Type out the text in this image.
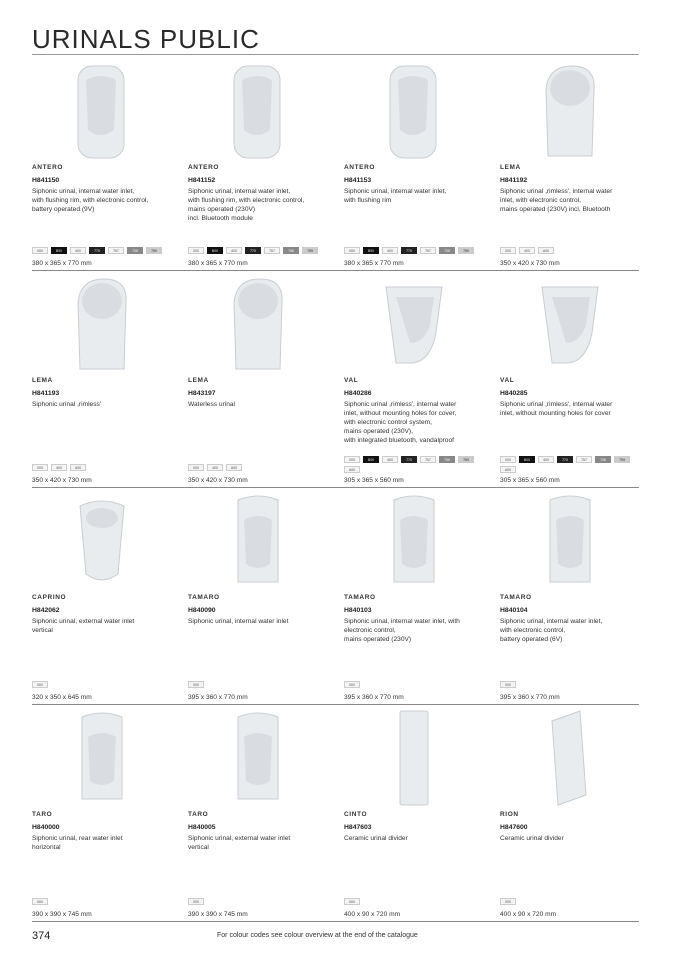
URINALS PUBLIC
ANTERO
H841150
Siphonic urinal, internal water inlet,
with flushing rim, with electronic control,
battery operated (9V)
000	B00	400	770	757	758	759
380 x 365 x 770 mm
ANTERO
H841152
Siphonic urinal, internal water inlet,
with flushing rim, with electronic control,
mains operated (230V)
incl. Bluetooth module
000	B00	400	770	757	758	759
380 x 365 x 770 mm
ANTERO
H841153
Siphonic urinal, internal water inlet,
with flushing rim
000	B00	400	770	757	758	759
380 x 365 x 770 mm
LEMA
H841192
Siphonic urinal ,rimless', internal water
inlet, with electronic control,
mains operated (230V) incl. Bluetooth
000	400	A00
350 x 420 x 730 mm
LEMA
H841193
Siphonic urinal ,rimless'
000	400	A00
350 x 420 x 730 mm
LEMA
H843197
Waterless urinal
000	400	A00
350 x 420 x 730 mm
VAL
H840286
Siphonic urinal ,rimless', internal water
inlet, without mounting holes for cover,
with electronic control system,
mains operated (230V),
with integrated bluetooth, vandalproof
000	B00	400	770	757	758	759
A00
305 x 365 x 560 mm
VAL
H840285
Siphonic urinal ,rimless', internal water
inlet, without mounting holes for cover
000	B00	400	770	757	758	759
A00
305 x 365 x 560 mm
CAPRINO
H842062
Siphonic urinal, external water inlet
vertical
000
320 x 350 x 645 mm
TAMARO
H840090
Siphonic urinal, internal water inlet
000
395 x 360 x 770 mm
TAMARO
H840103
Siphonic urinal, internal water inlet, with
electronic control,
mains operated (230V)
000
395 x 360 x 770 mm
TAMARO
H840104
Siphonic urinal, internal water inlet,
with electronic control,
battery operated (6V)
000
395 x 360 x 770 mm
TARO
H840000
Siphonic urinal, rear water inlet
horizontal
000
390 x 390 x 745 mm
TARO
H840005
Siphonic urinal, external water inlet
vertical
000
390 x 390 x 745 mm
CINTO
H847603
Ceramic urinal divider
000
400 x 90 x 720 mm
RION
H847600
Ceramic urinal divider
000
400 x 90 x 720 mm
374	For colour codes see colour overview at the end of the catalogue
